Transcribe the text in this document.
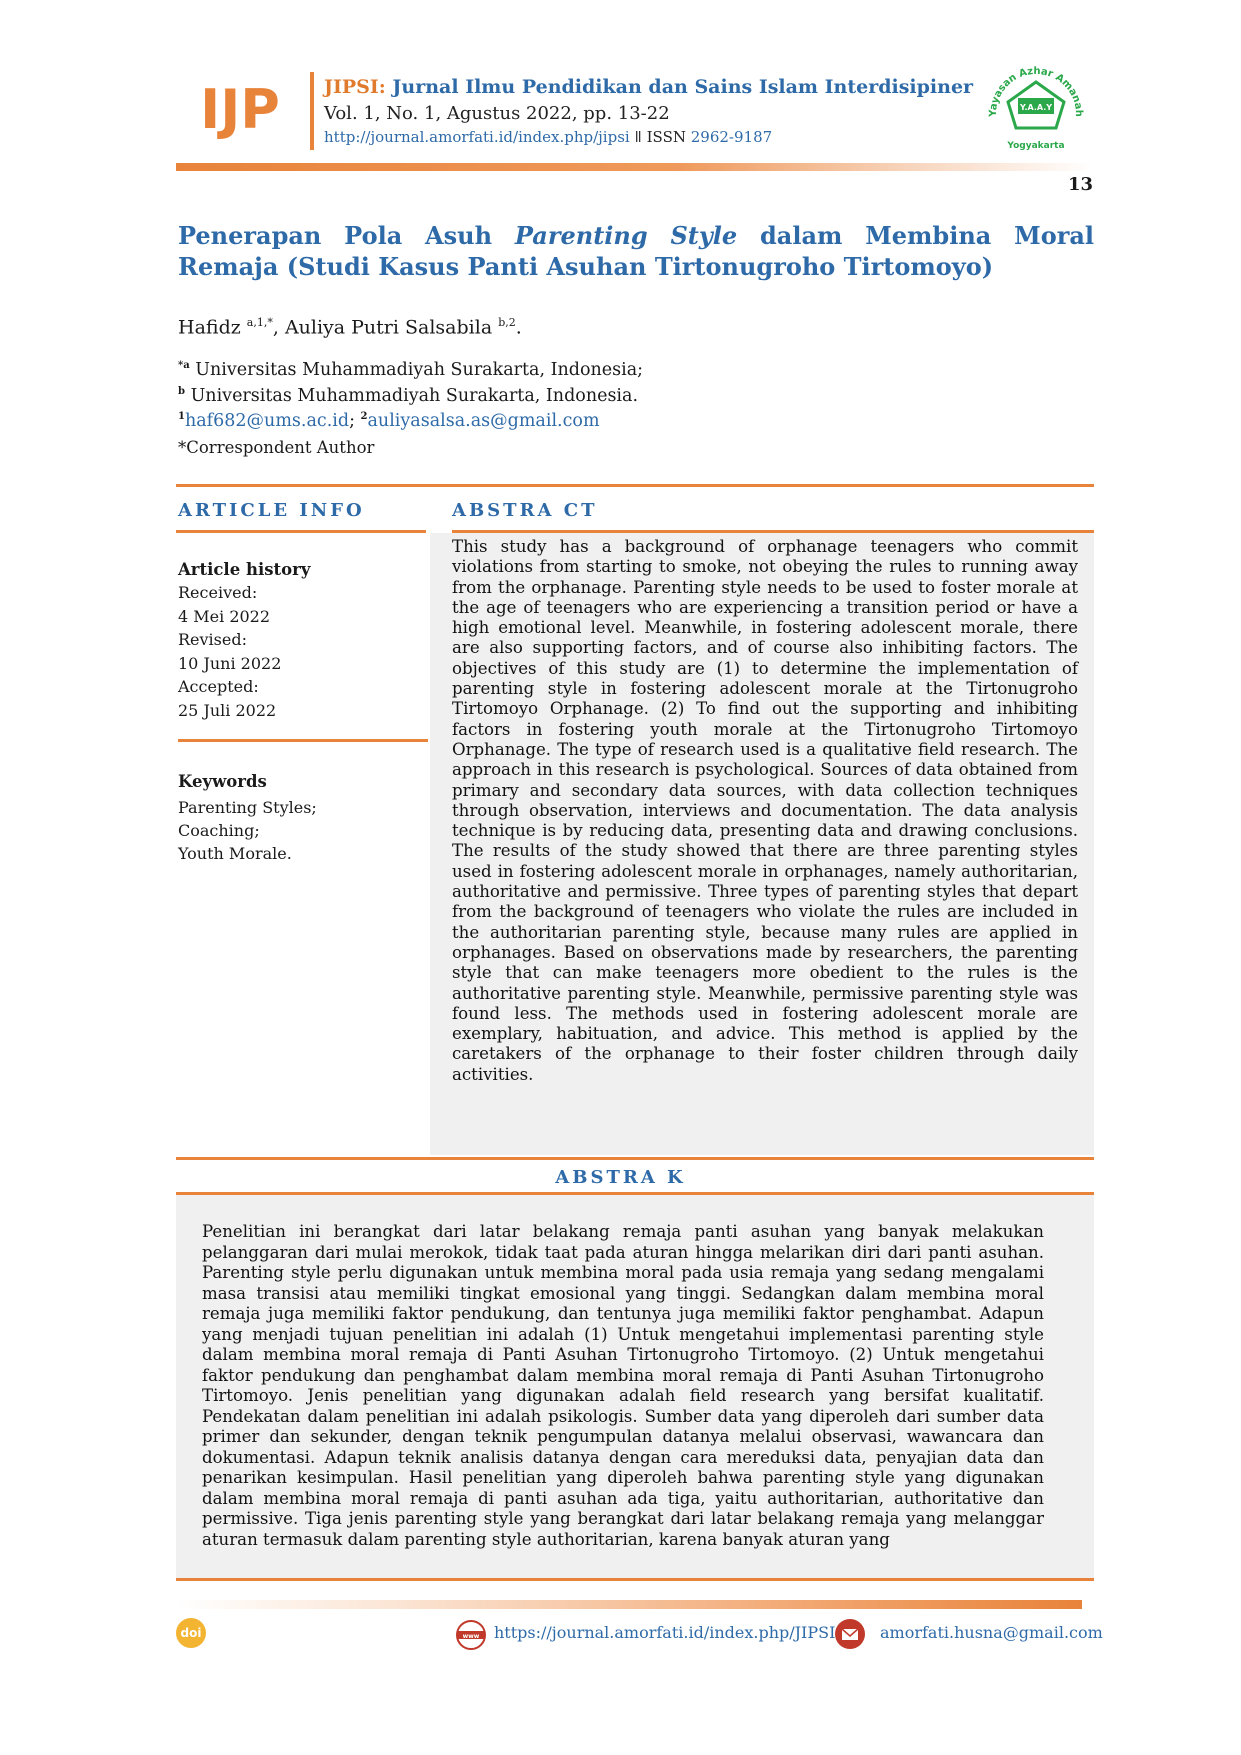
IJP JIPSI: Jurnal Ilmu Pendidikan dan Sains Islam Interdisipiner
Vol. 1, No. 1, Agustus 2022, pp. 13-22
http://journal.amorfati.id/index.php/jipsi ǁ ISSN 2962-9187
Yayasan Azhar Amanah
Y.A.A.Y
Yogyakarta
13
Penerapan Pola Asuh Parenting Style dalam Membina Moral Remaja (Studi Kasus Panti Asuhan Tirtonugroho Tirtomoyo)
Hafidz $^{a,1,*}$, Auliya Putri Salsabila $^{b,2}$.
$^{*a}$ Universitas Muhammadiyah Surakarta, Indonesia;
$^b$ Universitas Muhammadiyah Surakarta, Indonesia.
$^1$haf682@ums.ac.id; $^2$auliyasalsa.as@gmail.com
*Correspondent Author
ARTICLE INFO	ABSTRA CT
This study has a background of orphanage teenagers who commit violations from starting to smoke, not obeying the rules to running away from the orphanage. Parenting style needs to be used to foster morale at the age of teenagers who are experiencing a transition period or have a high emotional level. Meanwhile, in fostering adolescent morale, there are also supporting factors, and of course also inhibiting factors. The objectives of this study are (1) to determine the implementation of parenting style in fostering adolescent morale at the Tirtonugroho Tirtomoyo Orphanage. (2) To find out the supporting and inhibiting factors in fostering youth morale at the Tirtonugroho Tirtomoyo Orphanage. The type of research used is a qualitative field research. The approach in this research is psychological. Sources of data obtained from primary and secondary data sources, with data collection techniques through observation, interviews and documentation. The data analysis technique is by reducing data, presenting data and drawing conclusions. The results of the study showed that there are three parenting styles used in fostering adolescent morale in orphanages, namely authoritarian, authoritative and permissive. Three types of parenting styles that depart from the background of teenagers who violate the rules are included in the authoritarian parenting style, because many rules are applied in orphanages. Based on observations made by researchers, the parenting style that can make teenagers more obedient to the rules is the authoritative parenting style. Meanwhile, permissive parenting style was found less. The methods used in fostering adolescent morale are exemplary, habituation, and advice. This method is applied by the caretakers of the orphanage to their foster children through daily activities.
Article history
Received:
4 Mei 2022
Revised:
10 Juni 2022
Accepted:
25 Juli 2022
Keywords
Parenting Styles;
Coaching;
Youth Morale.
ABSTRA K
Penelitian ini berangkat dari latar belakang remaja panti asuhan yang banyak melakukan pelanggaran dari mulai merokok, tidak taat pada aturan hingga melarikan diri dari panti asuhan. Parenting style perlu digunakan untuk membina moral pada usia remaja yang sedang mengalami masa transisi atau memiliki tingkat emosional yang tinggi. Sedangkan dalam membina moral remaja juga memiliki faktor pendukung, dan tentunya juga memiliki faktor penghambat. Adapun yang menjadi tujuan penelitian ini adalah (1) Untuk mengetahui implementasi parenting style dalam membina moral remaja di Panti Asuhan Tirtonugroho Tirtomoyo. (2) Untuk mengetahui faktor pendukung dan penghambat dalam membina moral remaja di Panti Asuhan Tirtonugroho Tirtomoyo. Jenis penelitian yang digunakan adalah field research yang bersifat kualitatif. Pendekatan dalam penelitian ini adalah psikologis. Sumber data yang diperoleh dari sumber data primer dan sekunder, dengan teknik pengumpulan datanya melalui observasi, wawancara dan dokumentasi. Adapun teknik analisis datanya dengan cara mereduksi data, penyajian data dan penarikan kesimpulan. Hasil penelitian yang diperoleh bahwa parenting style yang digunakan dalam membina moral remaja di panti asuhan ada tiga, yaitu authoritarian, authoritative dan permissive. Tiga jenis parenting style yang berangkat dari latar belakang remaja yang melanggar aturan termasuk dalam parenting style authoritarian, karena banyak aturan yang
doi	www https://journal.amorfati.id/index.php/JIPSI	amorfati.husna@gmail.com
